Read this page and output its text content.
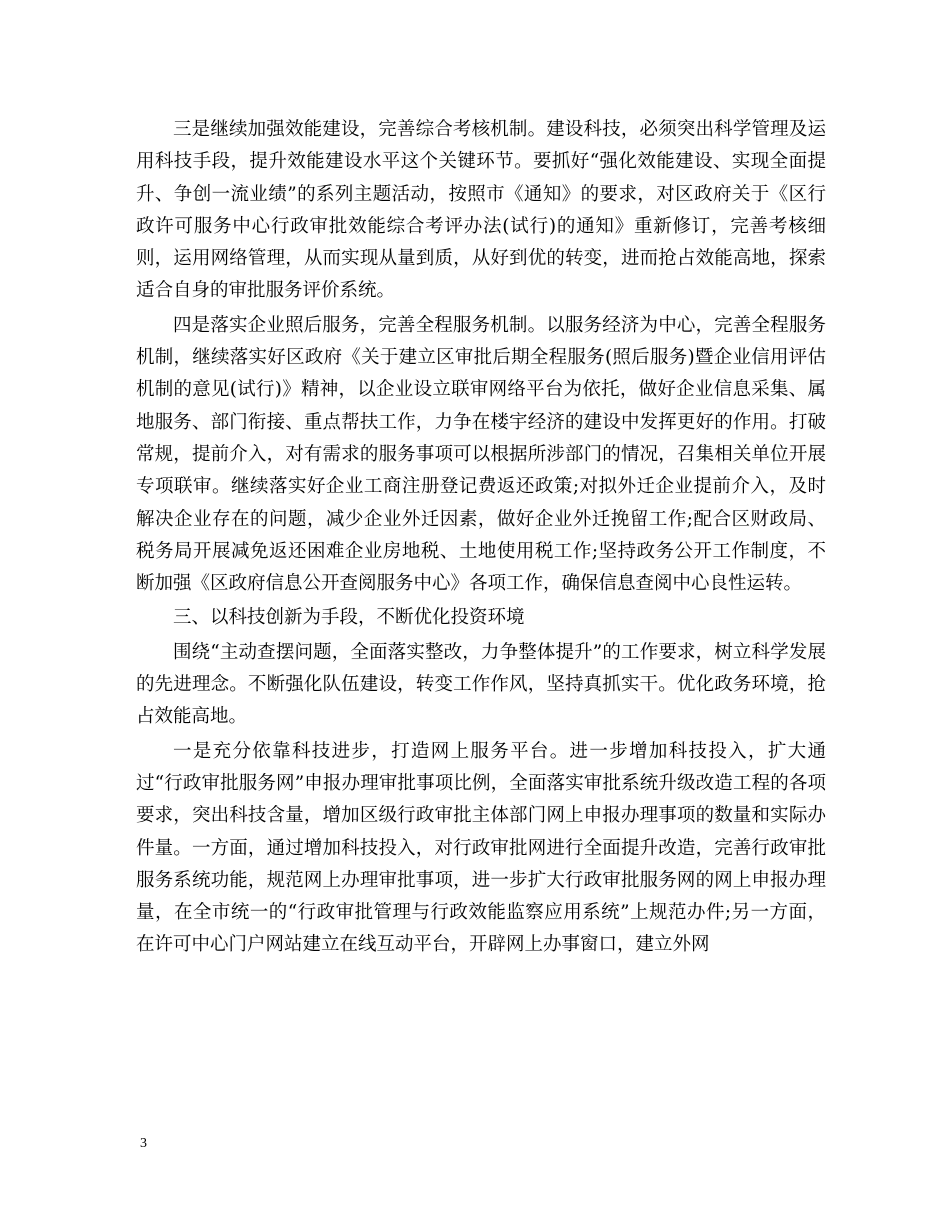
三是继续加强效能建设，完善综合考核机制。建设科技，必须突出科学管理及运用科技手段，提升效能建设水平这个关键环节。要抓好“强化效能建设、实现全面提升、争创一流业绩”的系列主题活动，按照市《通知》的要求，对区政府关于《区行政许可服务中心行政审批效能综合考评办法(试行)的通知》重新修订，完善考核细则，运用网络管理，从而实现从量到质，从好到优的转变，进而抢占效能高地，探索适合自身的审批服务评价系统。

四是落实企业照后服务，完善全程服务机制。以服务经济为中心，完善全程服务机制，继续落实好区政府《关于建立区审批后期全程服务(照后服务)暨企业信用评估机制的意见(试行)》精神，以企业设立联审网络平台为依托，做好企业信息采集、属地服务、部门衔接、重点帮扶工作，力争在楼宇经济的建设中发挥更好的作用。打破常规，提前介入，对有需求的服务事项可以根据所涉部门的情况，召集相关单位开展专项联审。继续落实好企业工商注册登记费返还政策;对拟外迁企业提前介入，及时解决企业存在的问题，减少企业外迁因素，做好企业外迁挽留工作;配合区财政局、税务局开展减免返还困难企业房地税、土地使用税工作;坚持政务公开工作制度，不断加强《区政府信息公开查阅服务中心》各项工作，确保信息查阅中心良性运转。

三、以科技创新为手段，不断优化投资环境

围绕“主动查摆问题，全面落实整改，力争整体提升”的工作要求，树立科学发展的先进理念。不断强化队伍建设，转变工作作风，坚持真抓实干。优化政务环境，抢占效能高地。

一是充分依靠科技进步，打造网上服务平台。进一步增加科技投入，扩大通过“行政审批服务网”申报办理审批事项比例，全面落实审批系统升级改造工程的各项要求，突出科技含量，增加区级行政审批主体部门网上申报办理事项的数量和实际办件量。一方面，通过增加科技投入，对行政审批网进行全面提升改造，完善行政审批服务系统功能，规范网上办理审批事项，进一步扩大行政审批服务网的网上申报办理量，在全市统一的“行政审批管理与行政效能监察应用系统”上规范办件;另一方面，在许可中心门户网站建立在线互动平台，开辟网上办事窗口，建立外网

3
